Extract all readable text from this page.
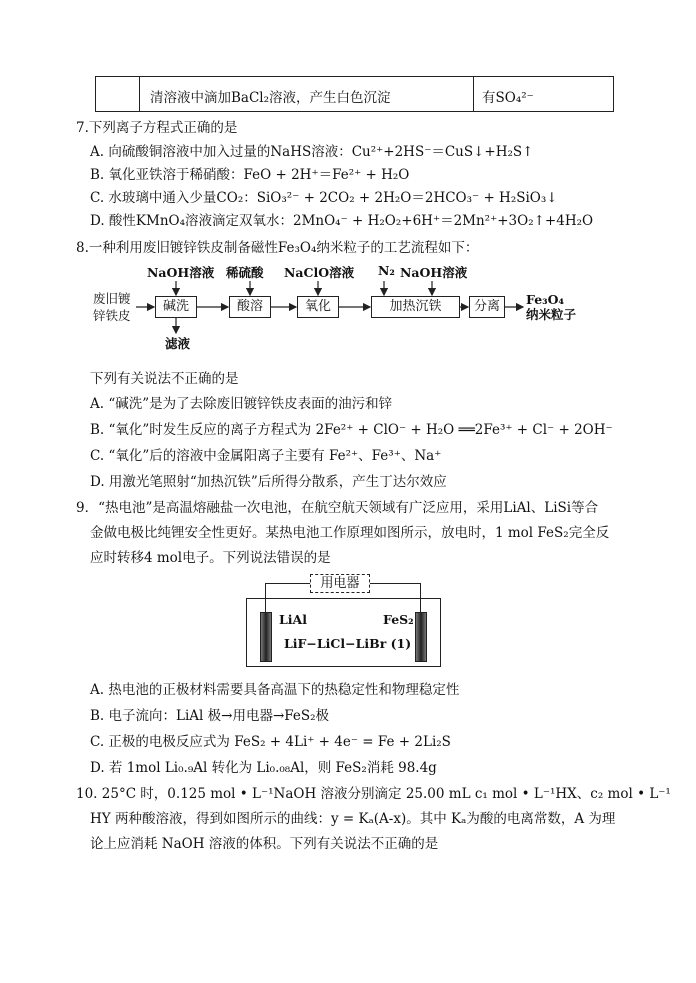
清溶液中滴加BaCl₂溶液，产生白色沉淀	有SO₄²⁻
7.下列离子方程式正确的是
A. 向硫酸铜溶液中加入过量的NaHS溶液：Cu²⁺+2HS⁻＝CuS↓+H₂S↑
B. 氧化亚铁溶于稀硝酸：FeO + 2H⁺＝Fe²⁺ + H₂O
C. 水玻璃中通入少量CO₂：SiO₃²⁻ + 2CO₂ + 2H₂O＝2HCO₃⁻ + H₂SiO₃↓
D. 酸性KMnO₄溶液滴定双氧水：2MnO₄⁻ + H₂O₂+6H⁺＝2Mn²⁺+3O₂↑+4H₂O
8.一种利用废旧镀锌铁皮制备磁性Fe₃O₄纳米粒子的工艺流程如下：
NaOH溶液 稀硫酸 NaClO溶液 N₂ NaOH溶液
废旧镀
锌铁皮
碱洗	酸溶	氧化	加热沉铁	分离
滤液
Fe₃O₄
纳米粒子
下列有关说法不正确的是
A. “碱洗”是为了去除废旧镀锌铁皮表面的油污和锌
B. “氧化”时发生反应的离子方程式为 2Fe²⁺ + ClO⁻ + H₂O ══2Fe³⁺ + Cl⁻ + 2OH⁻
C. “氧化”后的溶液中金属阳离子主要有 Fe²⁺、Fe³⁺、Na⁺
D. 用激光笔照射“加热沉铁”后所得分散系，产生丁达尔效应
9．“热电池”是高温熔融盐一次电池，在航空航天领域有广泛应用，采用LiAl、LiSi等合
金做电极比纯锂安全性更好。某热电池工作原理如图所示，放电时，1 mol FeS₂完全反
应时转移4 mol电子。下列说法错误的是
用电器
LiAl	FeS₂
LiF−LiCl−LiBr (1)
A. 热电池的正极材料需要具备高温下的热稳定性和物理稳定性
B. 电子流向：LiAl 极→用电器→FeS₂极
C. 正极的电极反应式为 FeS₂ + 4Li⁺ + 4e⁻ = Fe + 2Li₂S
D. 若 1mol Li₀.₉Al 转化为 Li₀.₀₈Al，则 FeS₂消耗 98.4g
10. 25°C 时，0.125 mol • L⁻¹NaOH 溶液分别滴定 25.00 mL c₁ mol • L⁻¹HX、c₂ mol • L⁻¹
HY 两种酸溶液，得到如图所示的曲线：y = Kₐ(A-x)。其中 Kₐ为酸的电离常数，A 为理
论上应消耗 NaOH 溶液的体积。下列有关说法不正确的是
